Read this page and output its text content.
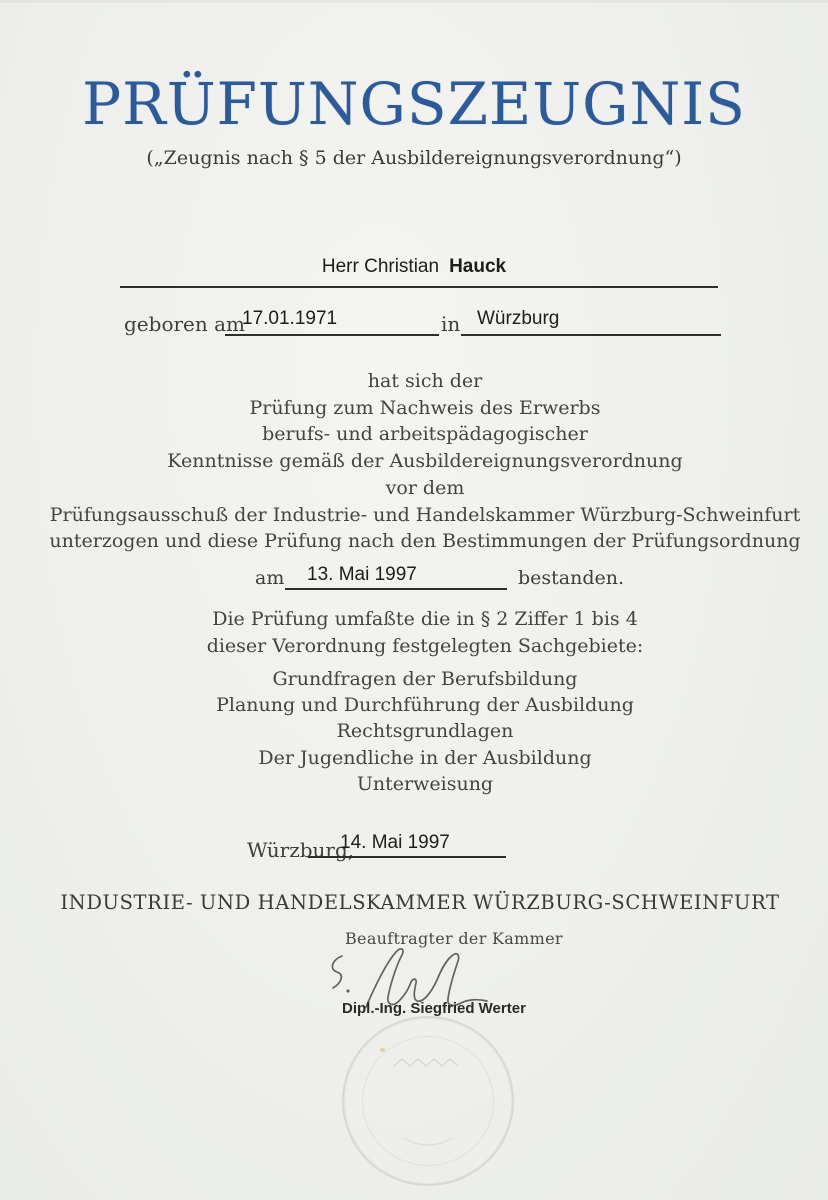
PRÜFUNGSZEUGNIS
(„Zeugnis nach § 5 der Ausbildereignungsverordnung“)
Herr Christian Hauck
geboren am
17.01.1971	in Würzburg
hat sich der
Prüfung zum Nachweis des Erwerbs
berufs- und arbeitspädagogischer
Kenntnisse gemäß der Ausbildereignungsverordnung
vor dem
Prüfungsausschuß der Industrie- und Handelskammer Würzburg-Schweinfurt
unterzogen und diese Prüfung nach den Bestimmungen der Prüfungsordnung
am	13. Mai 1997	bestanden.
Die Prüfung umfaßte die in § 2 Ziffer 1 bis 4
dieser Verordnung festgelegten Sachgebiete:
Grundfragen der Berufsbildung
Planung und Durchführung der Ausbildung
Rechtsgrundlagen
Der Jugendliche in der Ausbildung
Unterweisung
Würzburg,
14. Mai 1997
INDUSTRIE- UND HANDELSKAMMER WÜRZBURG-SCHWEINFURT
Beauftragter der Kammer
Dipl.-Ing. Siegfried Werter
